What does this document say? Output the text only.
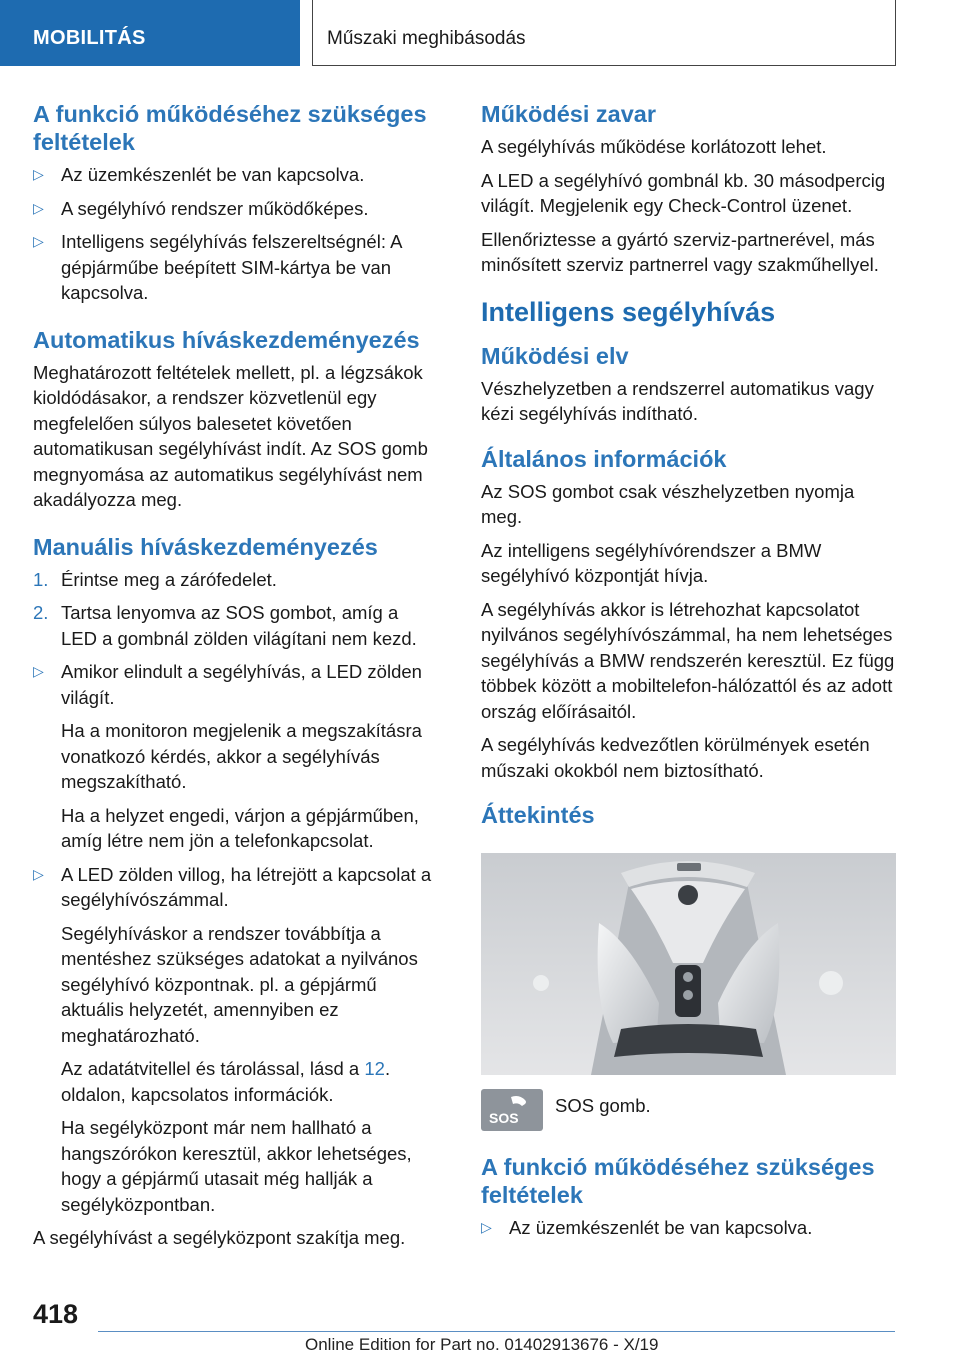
MOBILITÁS	Műszaki meghibásodás
A funkció működéséhez szükséges feltételek
▷ Az üzemkészenlét be van kapcsolva.
▷ A segélyhívó rendszer működőképes.
▷ Intelligens segélyhívás felszereltségnél: A gépjárműbe beépített SIM-kártya be van kapcsolva.
Automatikus híváskezdeményezés

Meghatározott feltételek mellett, pl. a légzsákok kioldódásakor, a rendszer közvetlenül egy megfelelően súlyos balesetet követően automatikusan segélyhívást indít. Az SOS gomb megnyomása az automatikus segélyhívást nem akadályozza meg.

Manuális híváskezdeményezés
1. Érintse meg a zárófedelet.
2. Tartsa lenyomva az SOS gombot, amíg a LED a gombnál zölden világítani nem kezd.
▷ Amikor elindult a segélyhívás, a LED zölden világít.

Ha a monitoron megjelenik a megszakításra vonatkozó kérdés, akkor a segélyhívás megszakítható.

Ha a helyzet engedi, várjon a gépjárműben, amíg létre nem jön a telefonkapcsolat.

▷ A LED zölden villog, ha létrejött a kapcsolat a segélyhívószámmal.

Segélyhíváskor a rendszer továbbítja a mentéshez szükséges adatokat a nyilvános segélyhívó központnak. pl. a gépjármű aktuális helyzetét, amennyiben ez meghatározható.

Az adatátvitellel és tárolással, lásd a 12. oldalon, kapcsolatos információk.

Ha segélyközpont már nem hallható a hangszórókon keresztül, akkor lehetséges, hogy a gépjármű utasait még hallják a segélyközpontban.

A segélyhívást a segélyközpont szakítja meg.

Működési zavar

A segélyhívás működése korlátozott lehet.

A LED a segélyhívó gombnál kb. 30 másodpercig világít. Megjelenik egy Check-Control üzenet.

Ellenőriztesse a gyártó szerviz-partnerével, más minősített szerviz partnerrel vagy szakműhellyel.

Intelligens segélyhívás
Működési elv

Vészhelyzetben a rendszerrel automatikus vagy kézi segélyhívás indítható.

Általános információk

Az SOS gombot csak vészhelyzetben nyomja meg.

Az intelligens segélyhívórendszer a BMW segélyhívó központját hívja.

A segélyhívás akkor is létrehozhat kapcsolatot nyilvános segélyhívószámmal, ha nem lehetséges segélyhívás a BMW rendszerén keresztül. Ez függ többek között a mobiltelefon-hálózattól és az adott ország előírásaitól.

A segélyhívás kedvezőtlen körülmények esetén műszaki okokból nem biztosítható.

Áttekintés
SOS

SOS gomb.

A funkció működéséhez szükséges feltételek
▷ Az üzemkészenlét be van kapcsolva.
418
Online Edition for Part no. 01402913676 - X/19
